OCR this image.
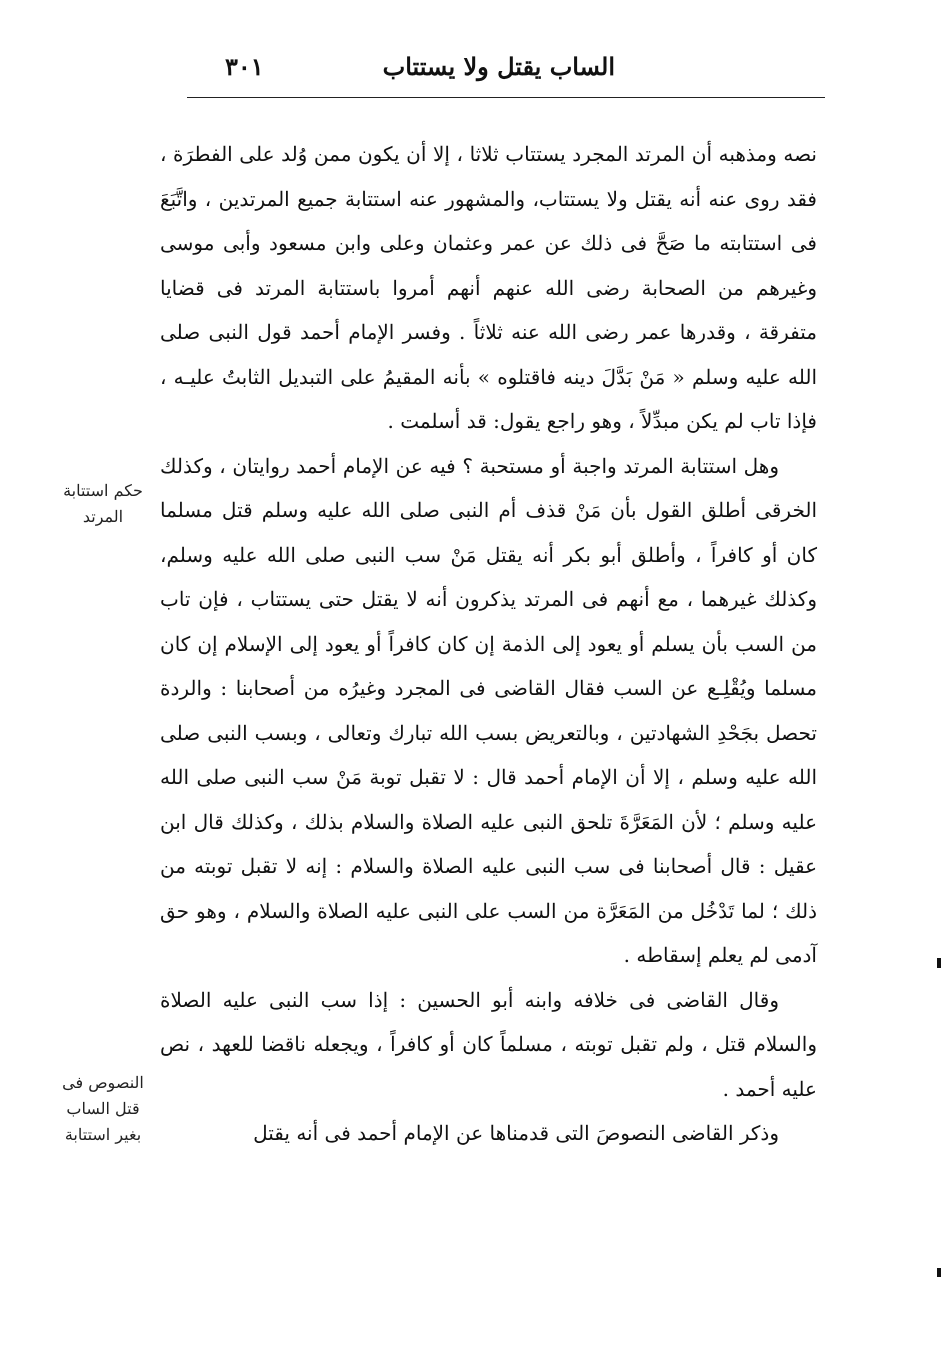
الساب يقتل ولا يستتاب
٣٠١
حكم استتابة المرتد
النصوص فى قتل الساب بغير استتابة

نصه ومذهبه أن المرتد المجرد يستتاب ثلاثا ، إلا أن يكون ممن وُلد على الفطرَة ، فقد روى عنه أنه يقتل ولا يستتاب، والمشهور عنه استتابة جميع المرتدين ، واتَّبَعَ فى استتابته ما صَحَّ فى ذلك عن عمر وعثمان وعلى وابن مسعود وأبى موسى وغيرهم من الصحابة رضى الله عنهم أنهم أمروا باستتابة المرتد فى قضايا متفرقة ، وقدرها عمر رضى الله عنه ثلاثاً . وفسر الإمام أحمد قول النبى صلى الله عليه وسلم « مَنْ بَدَّلَ دينه فاقتلوه » بأنه المقيمُ على التبديل الثابتُ عليـه ، فإذا تاب لم يكن مبدِّلاً ، وهو راجع يقول: قد أسلمت .

وهل استتابة المرتد واجبة أو مستحبة ؟ فيه عن الإمام أحمد روايتان ، وكذلك الخرقى أطلق القول بأن مَنْ قذف أم النبى صلى الله عليه وسلم قتل مسلما كان أو كافراً ، وأطلق أبو بكر أنه يقتل مَنْ سب النبى صلى الله عليه وسلم، وكذلك غيرهما ، مع أنهم فى المرتد يذكرون أنه لا يقتل حتى يستتاب ، فإن تاب من السب بأن يسلم أو يعود إلى الذمة إن كان كافراً أو يعود إلى الإسلام إن كان مسلما ويُقْلِـع عن السب فقال القاضى فى المجرد وغيرُه من أصحابنا : والردة تحصل بجَحْدِ الشهادتين ، وبالتعريض بسب الله تبارك وتعالى ، وبسب النبى صلى الله عليه وسلم ، إلا أن الإمام أحمد قال : لا تقبل توبة مَنْ سب النبى صلى الله عليه وسلم ؛ لأن المَعَرَّةَ تلحق النبى عليه الصلاة والسلام بذلك ، وكذلك قال ابن عقيل : قال أصحابنا فى سب النبى عليه الصلاة والسلام : إنه لا تقبل توبته من ذلك ؛ لما تَدْخُل من المَعَرَّة من السب على النبى عليه الصلاة والسلام ، وهو حق آدمى لم يعلم إسقاطه .

وقال القاضى فى خلافه وابنه أبو الحسين : إذا سب النبى عليه الصلاة والسلام قتل ، ولم تقبل توبته ، مسلماً كان أو كافراً ، ويجعله ناقضا للعهد ، نص عليه أحمد .

وذكر القاضى النصوصَ التى قدمناها عن الإمام أحمد فى أنه يقتل
